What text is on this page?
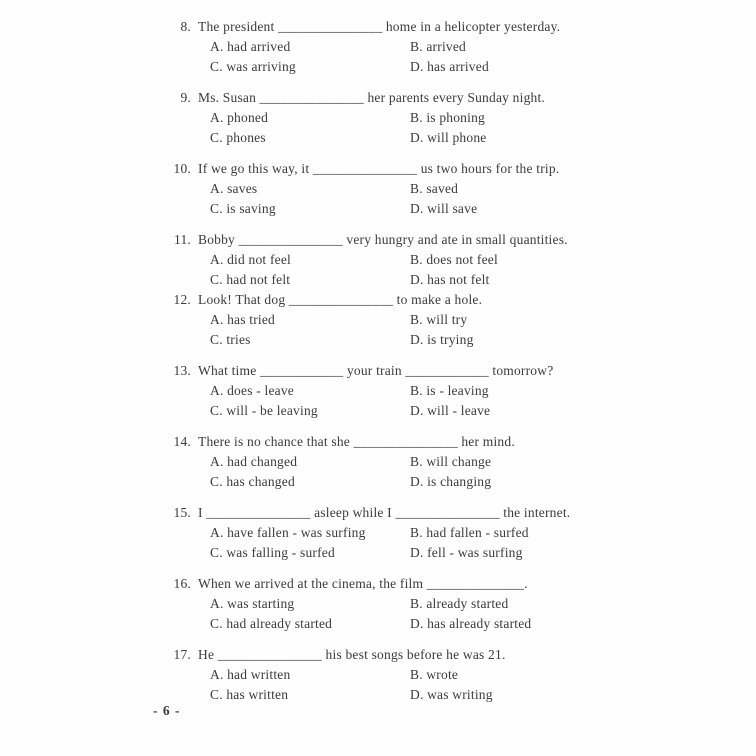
8. The president _______________ home in a helicopter yesterday.
A. had arrived	B. arrived
C. was arriving	D. has arrived
9. Ms. Susan _______________ her parents every Sunday night.
A. phoned	B. is phoning
C. phones	D. will phone
10. If we go this way, it _______________ us two hours for the trip.
A. saves	B. saved
C. is saving	D. will save
11. Bobby _______________ very hungry and ate in small quantities.
A. did not feel	B. does not feel
C. had not felt	D. has not felt
12. Look! That dog _______________ to make a hole.
A. has tried	B. will try
C. tries	D. is trying
13. What time ____________ your train ____________ tomorrow?
A. does - leave	B. is - leaving
C. will - be leaving	D. will - leave
14. There is no chance that she _______________ her mind.
A. had changed	B. will change
C. has changed	D. is changing
15. I _______________ asleep while I _______________ the internet.
A. have fallen - was surfing	B. had fallen - surfed
C. was falling - surfed	D. fell - was surfing
16. When we arrived at the cinema, the film ______________.
A. was starting	B. already started
C. had already started	D. has already started
17. He _______________ his best songs before he was 21.
A. had written	B. wrote
C. has written	D. was writing
- 6 -
